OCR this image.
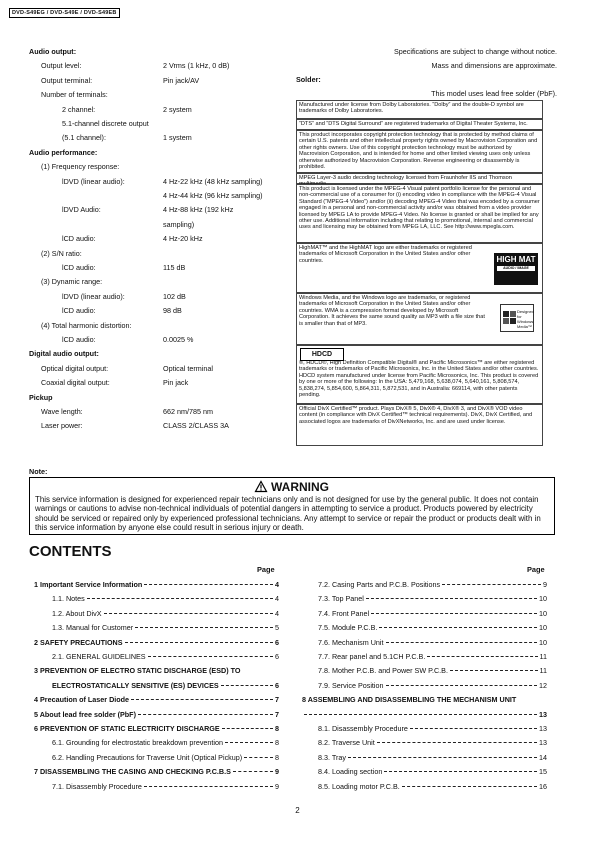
DVD-S49EG / DVD-S49E / DVD-S49EB
Audio output:
Output level:	2 Vrms (1 kHz, 0 dB)
Output terminal:	Pin jack/AV
Number of terminals:
2 channel:	2 system
5.1-channel discrete output
(5.1 channel):	1 system
Audio performance:
(1) Frequency response:
lDVD (linear audio):	4 Hz-22 kHz (48 kHz sampling)
4 Hz-44 kHz (96 kHz sampling)
lDVD Audio:	4 Hz-88 kHz (192 kHz
sampling)
lCD audio:	4 Hz-20 kHz
(2) S/N ratio:
lCD audio:	115 dB
(3) Dynamic range:
lDVD (linear audio):	102 dB
lCD audio:	98 dB
(4) Total harmonic distortion:
lCD audio:	0.0025 %
Digital audio output:
Optical digital output:	Optical terminal
Coaxial digital output:	Pin jack
Pickup
Wave length:	662 nm/785 nm
Laser power:	CLASS 2/CLASS 3A
Note:
Specifications are subject to change without notice.
Mass and dimensions are approximate.
Solder:
This model uses lead free solder (PbF).
Manufactured under license from Dolby Laboratories. “Dolby” and the double-D symbol are trademarks of Dolby Laboratories.
“DTS” and “DTS Digital Surround” are registered trademarks of Digital Theater Systems, Inc.
This product incorporates copyright protection technology that is protected by method claims of certain U.S. patents and other intellectual property rights owned by Macrovision Corporation and other rights owners. Use of this copyright protection technology must be authorized by Macrovision Corporation, and is intended for home and other limited viewing uses only unless otherwise authorized by Macrovision Corporation. Reverse engineering or disassembly is prohibited.
MPEG Layer-3 audio decoding technology licensed from Fraunhofer IIS and Thomson multimedia.
This product is licensed under the MPEG-4 Visual patent portfolio license for the personal and non-commercial use of a consumer for (i) encoding video in compliance with the MPEG-4 Visual Standard (“MPEG-4 Video”) and/or (ii) decoding MPEG-4 Video that was encoded by a consumer engaged in a personal and non-commercial activity and/or was obtained from a video provider licensed by MPEG LA to provide MPEG-4 Video. No license is granted or shall be implied for any other use. Additional information including that relating to promotional, internal and commercial uses and licensing may be obtained from MPEG LA, LLC. See http://www.mpegla.com.
HighMAT™ and the HighMAT logo are either trademarks or registered trademarks of Microsoft Corporation in the United States and/or other countries.
Windows Media, and the Windows logo are trademarks, or registered trademarks of Microsoft Corporation in the United States and/or other countries. WMA is a compression format developed by Microsoft Corporation. It achieves the same sound quality as MP3 with a file size that is smaller than that of MP3.
®, HDCD®, High Definition Compatible Digital® and Pacific Microsonics™ are either registered trademarks or trademarks of Pacific Microsonics, Inc. in the United States and/or other countries. HDCD system manufactured under license from Pacific Microsonics, Inc. This product is covered by one or more of the following: In the USA: 5,479,168, 5,638,074, 5,640,161, 5,808,574, 5,838,274, 5,854,600, 5,864,311, 5,872,531, and in Australia: 669114, with other patents pending.
Official DivX Certified™ product. Plays DivX® 5, DivX® 4, DivX® 3, and DivX® VOD video content (in compliance with DivX Certified™ technical requirements). DivX, DivX Certified, and associated logos are trademarks of DivXNetworks, Inc. and are used under license.
HIGH MAT
AUDIO / IMAGE
Designed for Windows Media™
HDCD
WARNING
This service information is designed for experienced repair technicians only and is not designed for use by the general public. It does not contain warnings or cautions to advise non-technical individuals of potential dangers in attempting to service a product. Products powered by electricity should be serviced or repaired only by experienced professional technicians. Any attempt to service or repair the product or products dealt with in this service information by anyone else could result in serious injury or death.
CONTENTS
Page	Page
1 Important Service Information	4
1.1. Notes	4
1.2. About DivX	4
1.3. Manual for Customer	5
2 SAFETY PRECAUTIONS	6
2.1. GENERAL GUIDELINES	6
3 PREVENTION OF ELECTRO STATIC DISCHARGE (ESD) TO
ELECTROSTATICALLY SENSITIVE (ES) DEVICES	6
4 Precaution of Laser Diode	7
5 About lead free solder (PbF)	7
6 PREVENTION OF STATIC ELECTRICITY DISCHARGE	8
6.1. Grounding for electrostatic breakdown prevention	8
6.2. Handling Precautions for Traverse Unit (Optical Pickup)	8
7 DISASSEMBLING THE CASING AND CHECKING P.C.B.S	9
7.1. Disassembly Procedure	9
7.2. Casing Parts and P.C.B. Positions	9
7.3. Top Panel	10
7.4. Front Panel	10
7.5. Module P.C.B.	10
7.6. Mechanism Unit	10
7.7. Rear panel and 5.1CH P.C.B.	11
7.8. Mother P.C.B. and Power SW P.C.B.	11
7.9. Service Position	12
8 ASSEMBLING AND DISASSEMBLING THE MECHANISM UNIT
13
8.1. Disassembly Procedure	13
8.2. Traverse Unit	13
8.3. Tray	14
8.4. Loading section	15
8.5. Loading motor P.C.B.	16
2
